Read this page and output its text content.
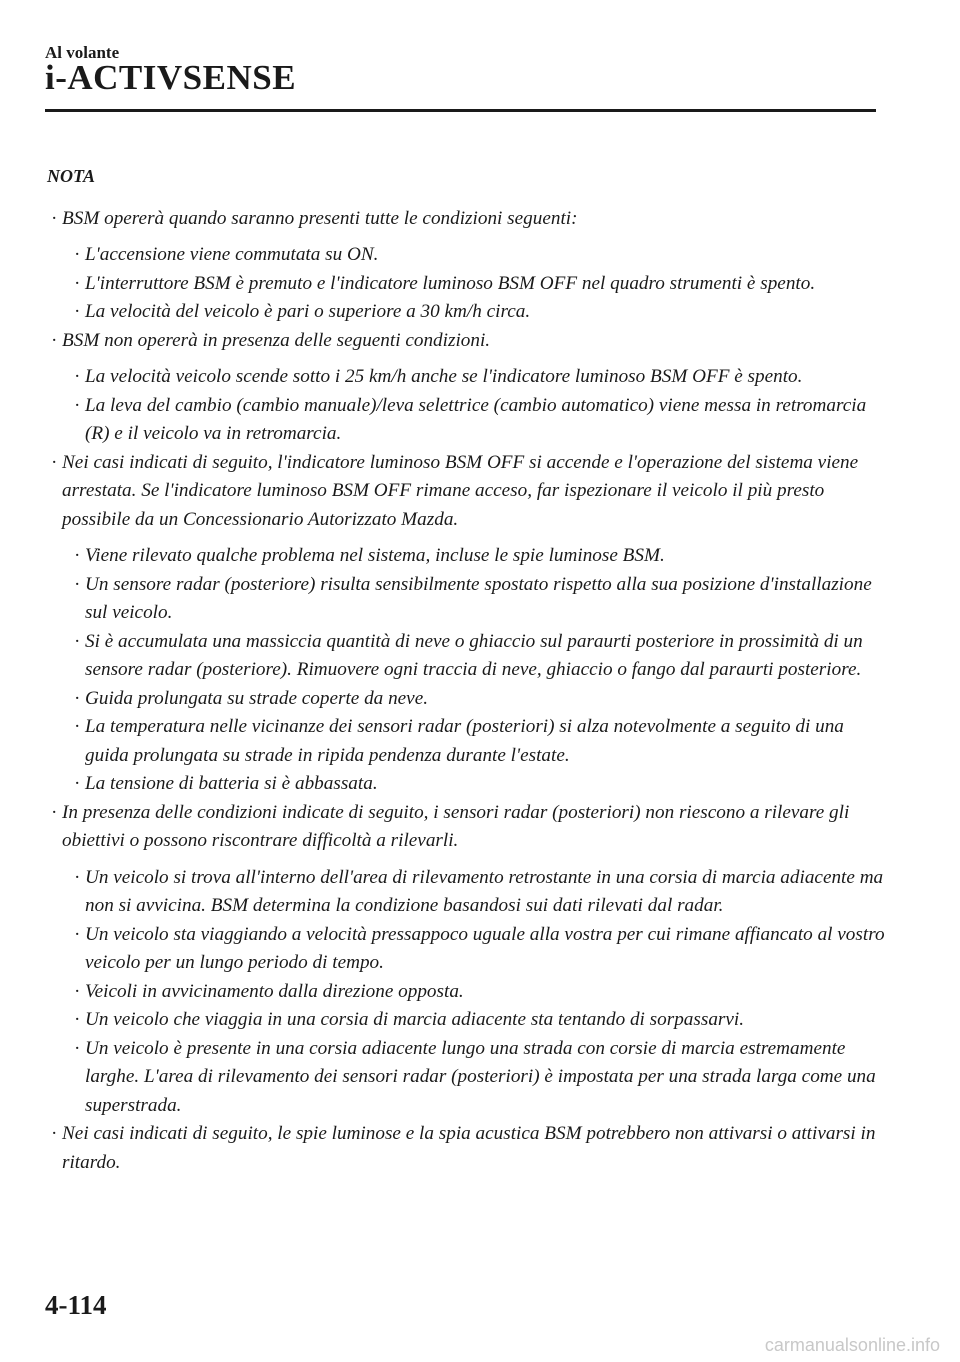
Al volante
i-ACTIVSENSE
NOTA
· BSM opererà quando saranno presenti tutte le condizioni seguenti:
· L'accensione viene commutata su ON.
· L'interruttore BSM è premuto e l'indicatore luminoso BSM OFF nel quadro strumenti è spento.
· La velocità del veicolo è pari o superiore a 30 km/h circa.
· BSM non opererà in presenza delle seguenti condizioni.
· La velocità veicolo scende sotto i 25 km/h anche se l'indicatore luminoso BSM OFF è spento.
· La leva del cambio (cambio manuale)/leva selettrice (cambio automatico) viene messa in retromarcia (R) e il veicolo va in retromarcia.
· Nei casi indicati di seguito, l'indicatore luminoso BSM OFF si accende e l'operazione del sistema viene arrestata. Se l'indicatore luminoso BSM OFF rimane acceso, far ispezionare il veicolo il più presto possibile da un Concessionario Autorizzato Mazda.
· Viene rilevato qualche problema nel sistema, incluse le spie luminose BSM.
· Un sensore radar (posteriore) risulta sensibilmente spostato rispetto alla sua posizione d'installazione sul veicolo.
· Si è accumulata una massiccia quantità di neve o ghiaccio sul paraurti posteriore in prossimità di un sensore radar (posteriore). Rimuovere ogni traccia di neve, ghiaccio o fango dal paraurti posteriore.
· Guida prolungata su strade coperte da neve.
· La temperatura nelle vicinanze dei sensori radar (posteriori) si alza notevolmente a seguito di una guida prolungata su strade in ripida pendenza durante l'estate.
· La tensione di batteria si è abbassata.
· In presenza delle condizioni indicate di seguito, i sensori radar (posteriori) non riescono a rilevare gli obiettivi o possono riscontrare difficoltà a rilevarli.
· Un veicolo si trova all'interno dell'area di rilevamento retrostante in una corsia di marcia adiacente ma non si avvicina. BSM determina la condizione basandosi sui dati rilevati dal radar.
· Un veicolo sta viaggiando a velocità pressappoco uguale alla vostra per cui rimane affiancato al vostro veicolo per un lungo periodo di tempo.
· Veicoli in avvicinamento dalla direzione opposta.
· Un veicolo che viaggia in una corsia di marcia adiacente sta tentando di sorpassarvi.
· Un veicolo è presente in una corsia adiacente lungo una strada con corsie di marcia estremamente larghe. L'area di rilevamento dei sensori radar (posteriori) è impostata per una strada larga come una superstrada.
· Nei casi indicati di seguito, le spie luminose e la spia acustica BSM potrebbero non attivarsi o attivarsi in ritardo.
4-114
carmanualsonline.info
